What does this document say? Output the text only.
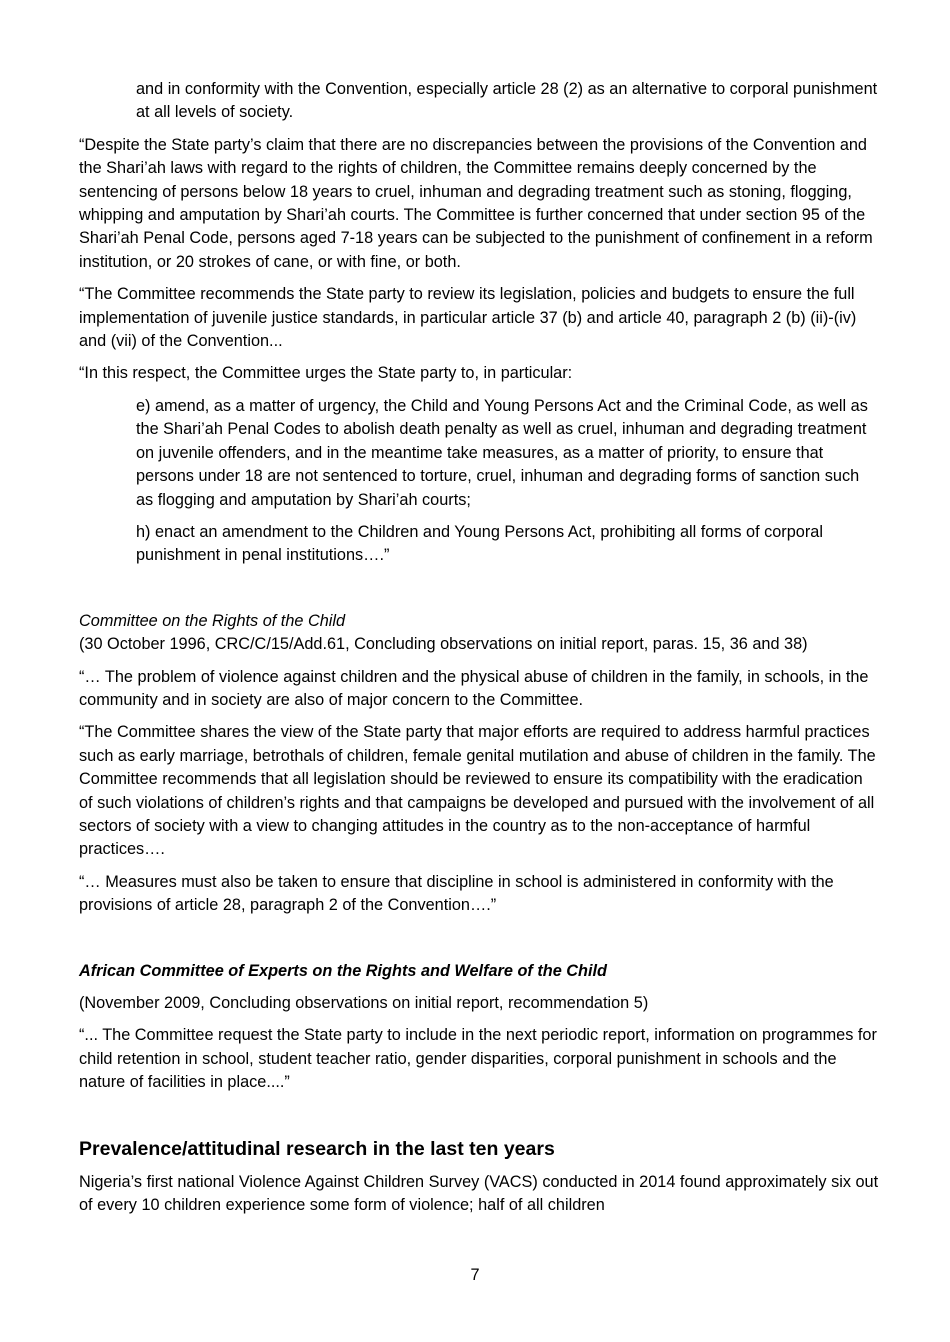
and in conformity with the Convention, especially article 28 (2) as an alternative to corporal punishment at all levels of society.

“Despite the State party’s claim that there are no discrepancies between the provisions of the Convention and the Shari’ah laws with regard to the rights of children, the Committee remains deeply concerned by the sentencing of persons below 18 years to cruel, inhuman and degrading treatment such as stoning, flogging, whipping and amputation by Shari’ah courts. The Committee is further concerned that under section 95 of the Shari’ah Penal Code, persons aged 7-18 years can be subjected to the punishment of confinement in a reform institution, or 20 strokes of cane, or with fine, or both.

“The Committee recommends the State party to review its legislation, policies and budgets to ensure the full implementation of juvenile justice standards, in particular article 37 (b) and article 40, paragraph 2 (b) (ii)-(iv) and (vii) of the Convention...

“In this respect, the Committee urges the State party to, in particular:

e) amend, as a matter of urgency, the Child and Young Persons Act and the Criminal Code, as well as the Shari’ah Penal Codes to abolish death penalty as well as cruel, inhuman and degrading treatment on juvenile offenders, and in the meantime take measures, as a matter of priority, to ensure that persons under 18 are not sentenced to torture, cruel, inhuman and degrading forms of sanction such as flogging and amputation by Shari’ah courts;

h) enact an amendment to the Children and Young Persons Act, prohibiting all forms of corporal punishment in penal institutions….”

Committee on the Rights of the Child

(30 October 1996, CRC/C/15/Add.61, Concluding observations on initial report, paras. 15, 36 and 38)

“… The problem of violence against children and the physical abuse of children in the family, in schools, in the community and in society are also of major concern to the Committee.

“The Committee shares the view of the State party that major efforts are required to address harmful practices such as early marriage, betrothals of children, female genital mutilation and abuse of children in the family. The Committee recommends that all legislation should be reviewed to ensure its compatibility with the eradication of such violations of children’s rights and that campaigns be developed and pursued with the involvement of all sectors of society with a view to changing attitudes in the country as to the non-acceptance of harmful practices….

“… Measures must also be taken to ensure that discipline in school is administered in conformity with the provisions of article 28, paragraph 2 of the Convention….”

African Committee of Experts on the Rights and Welfare of the Child

(November 2009, Concluding observations on initial report, recommendation 5)

“... The Committee request the State party to include in the next periodic report, information on programmes for child retention in school, student teacher ratio, gender disparities, corporal punishment in schools and the nature of facilities in place....”

Prevalence/attitudinal research in the last ten years

Nigeria’s first national Violence Against Children Survey (VACS) conducted in 2014 found approximately six out of every 10 children experience some form of violence; half of all children

7
